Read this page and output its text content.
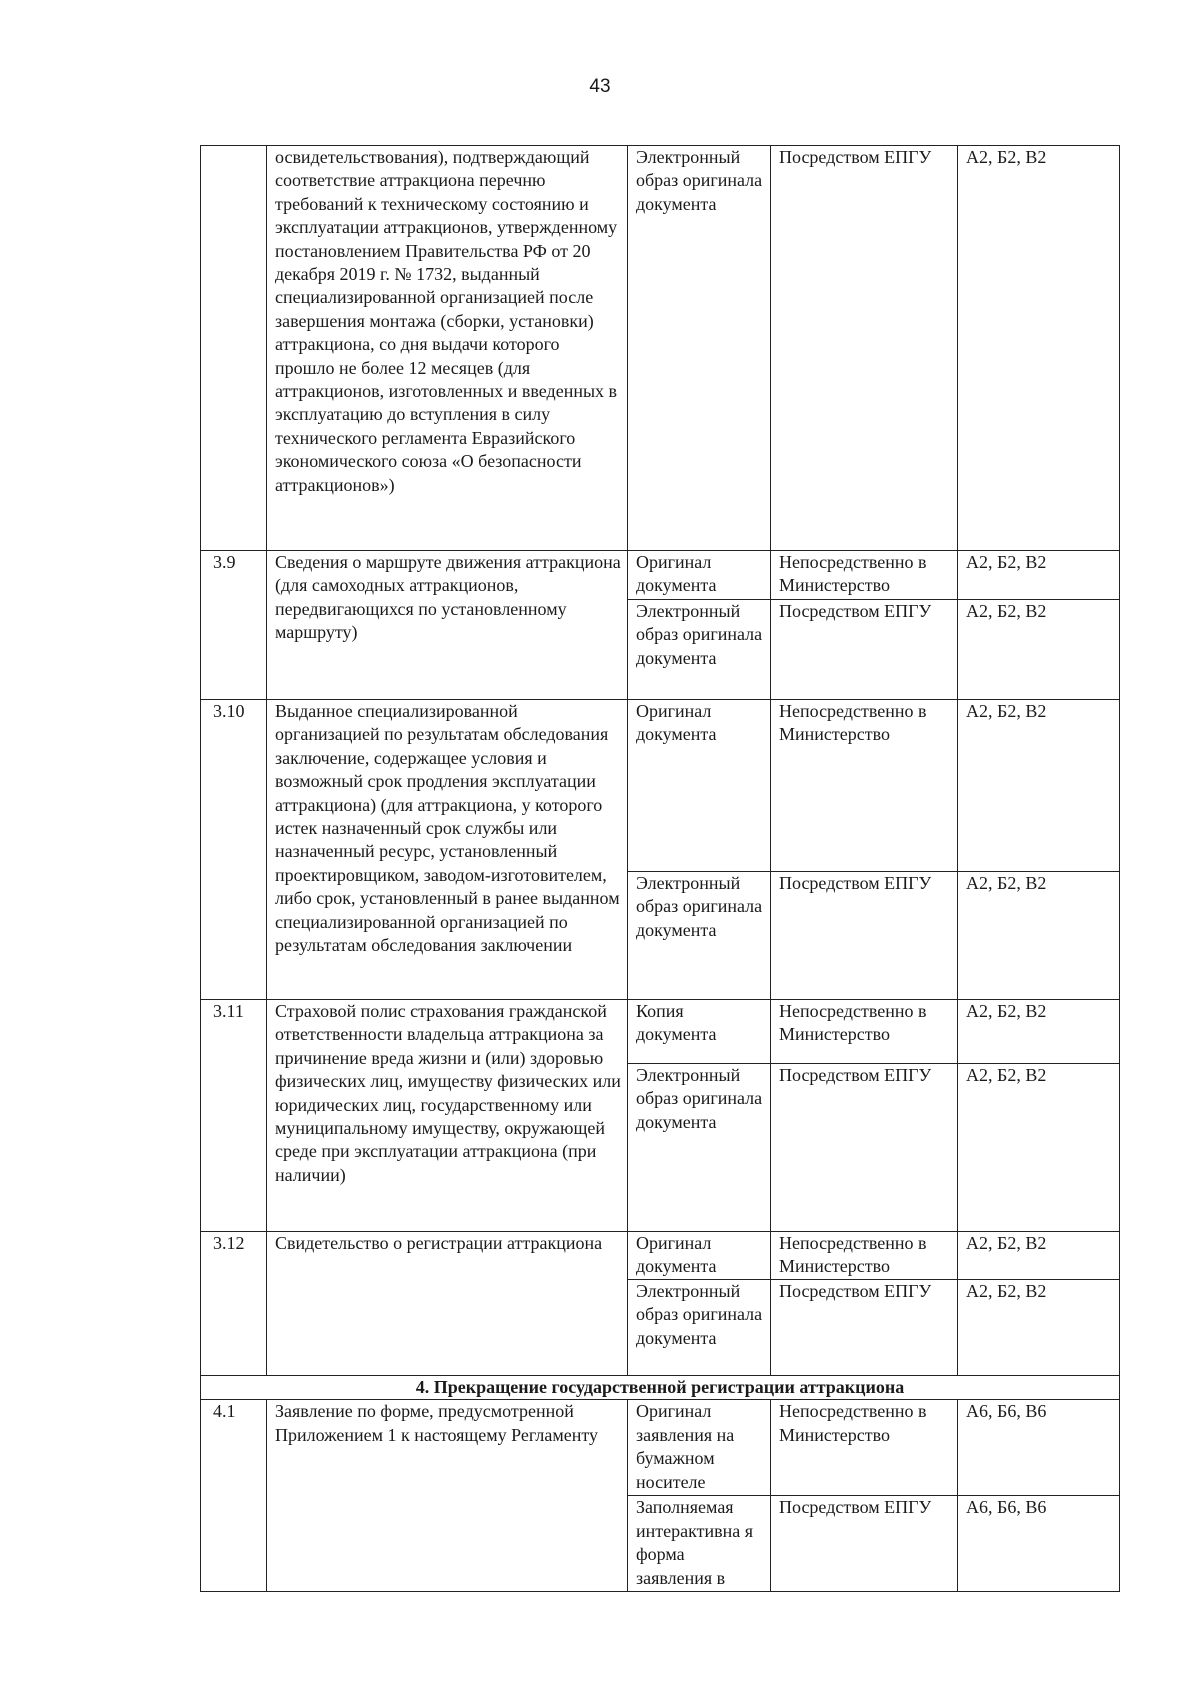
43
	освидетельствования), подтверждающий соответствие аттракциона перечню требований к техническому состоянию и эксплуатации аттракционов, утвержденному постановлением Правительства РФ от 20 декабря 2019 г. № 1732, выданный специализированной организацией после завершения монтажа (сборки, установки) аттракциона, со дня выдачи которого прошло не более 12 месяцев (для аттракционов, изготовленных и введенных в эксплуатацию до вступления в силу технического регламента Евразийского экономического союза «О безопасности аттракционов»)	Электронный образ оригинала документа	Посредством ЕПГУ	А2, Б2, В2
3.9	Сведения о маршруте движения аттракциона (для самоходных аттракционов, передвигающихся по установленному маршруту)	Оригинал документа	Непосредственно в Министерство	А2, Б2, В2
		Электронный образ оригинала документа	Посредством ЕПГУ	А2, Б2, В2
3.10	Выданное специализированной организацией по результатам обследования заключение, содержащее условия и возможный срок продления эксплуатации аттракциона) (для аттракциона, у которого истек назначенный срок службы или назначенный ресурс, установленный проектировщиком, заводом-изготовителем, либо срок, установленный в ранее выданном специализированной организацией по результатам обследования заключении	Оригинал документа	Непосредственно в Министерство	А2, Б2, В2
		Электронный образ оригинала документа	Посредством ЕПГУ	А2, Б2, В2
3.11	Страховой полис страхования гражданской ответственности владельца аттракциона за причинение вреда жизни и (или) здоровью физических лиц, имуществу физических или юридических лиц, государственному или муниципальному имуществу, окружающей среде при эксплуатации аттракциона (при наличии)	Копия документа	Непосредственно в Министерство	А2, Б2, В2
		Электронный образ оригинала документа	Посредством ЕПГУ	А2, Б2, В2
3.12	Свидетельство о регистрации аттракциона	Оригинал документа	Непосредственно в Министерство	А2, Б2, В2
		Электронный образ оригинала документа	Посредством ЕПГУ	А2, Б2, В2
4. Прекращение государственной регистрации аттракциона				
4.1	Заявление по форме, предусмотренной Приложением 1 к настоящему Регламенту	Оригинал заявления на бумажном носителе	Непосредственно в Министерство	А6, Б6, В6
		Заполняемая интерактивна я форма заявления в	Посредством ЕПГУ	А6, Б6, В6
